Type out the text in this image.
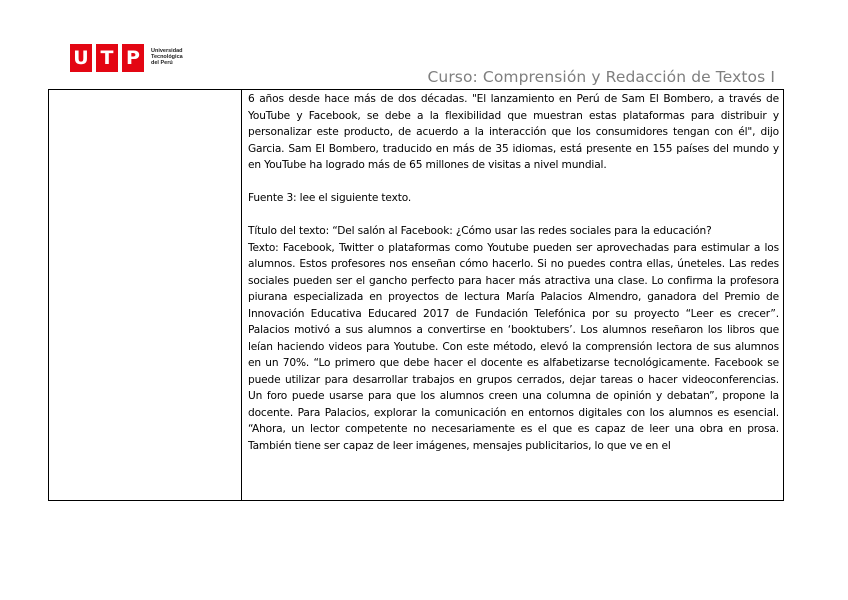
U T P	Universidad
Tecnológica
del Perú
Curso: Comprensión y Redacción de Textos I

6 años desde hace más de dos décadas. "El lanzamiento en Perú de Sam El Bombero, a través de YouTube y Facebook, se debe a la flexibilidad que muestran estas plataformas para distribuir y personalizar este producto, de acuerdo a la interacción que los consumidores tengan con él", dijo Garcia. Sam El Bombero, traducido en más de 35 idiomas, está presente en 155 países del mundo y en YouTube ha logrado más de 65 millones de visitas a nivel mundial.

Fuente 3: lee el siguiente texto.

Título del texto: “Del salón al Facebook: ¿Cómo usar las redes sociales para la educación?

Texto: Facebook, Twitter o plataformas como Youtube pueden ser aprovechadas para estimular a los alumnos. Estos profesores nos enseñan cómo hacerlo. Si no puedes contra ellas, úneteles. Las redes sociales pueden ser el gancho perfecto para hacer más atractiva una clase. Lo confirma la profesora piurana especializada en proyectos de lectura María Palacios Almendro, ganadora del Premio de Innovación Educativa Educared 2017 de Fundación Telefónica por su proyecto “Leer es crecer”. Palacios motivó a sus alumnos a convertirse en ‘booktubers’. Los alumnos reseñaron los libros que leían haciendo videos para Youtube. Con este método, elevó la comprensión lectora de sus alumnos en un 70%. “Lo primero que debe hacer el docente es alfabetizarse tecnológicamente. Facebook se puede utilizar para desarrollar trabajos en grupos cerrados, dejar tareas o hacer videoconferencias. Un foro puede usarse para que los alumnos creen una columna de opinión y debatan”, propone la docente. Para Palacios, explorar la comunicación en entornos digitales con los alumnos es esencial. “Ahora, un lector competente no necesariamente es el que es capaz de leer una obra en prosa. También tiene ser capaz de leer imágenes, mensajes publicitarios, lo que ve en el
